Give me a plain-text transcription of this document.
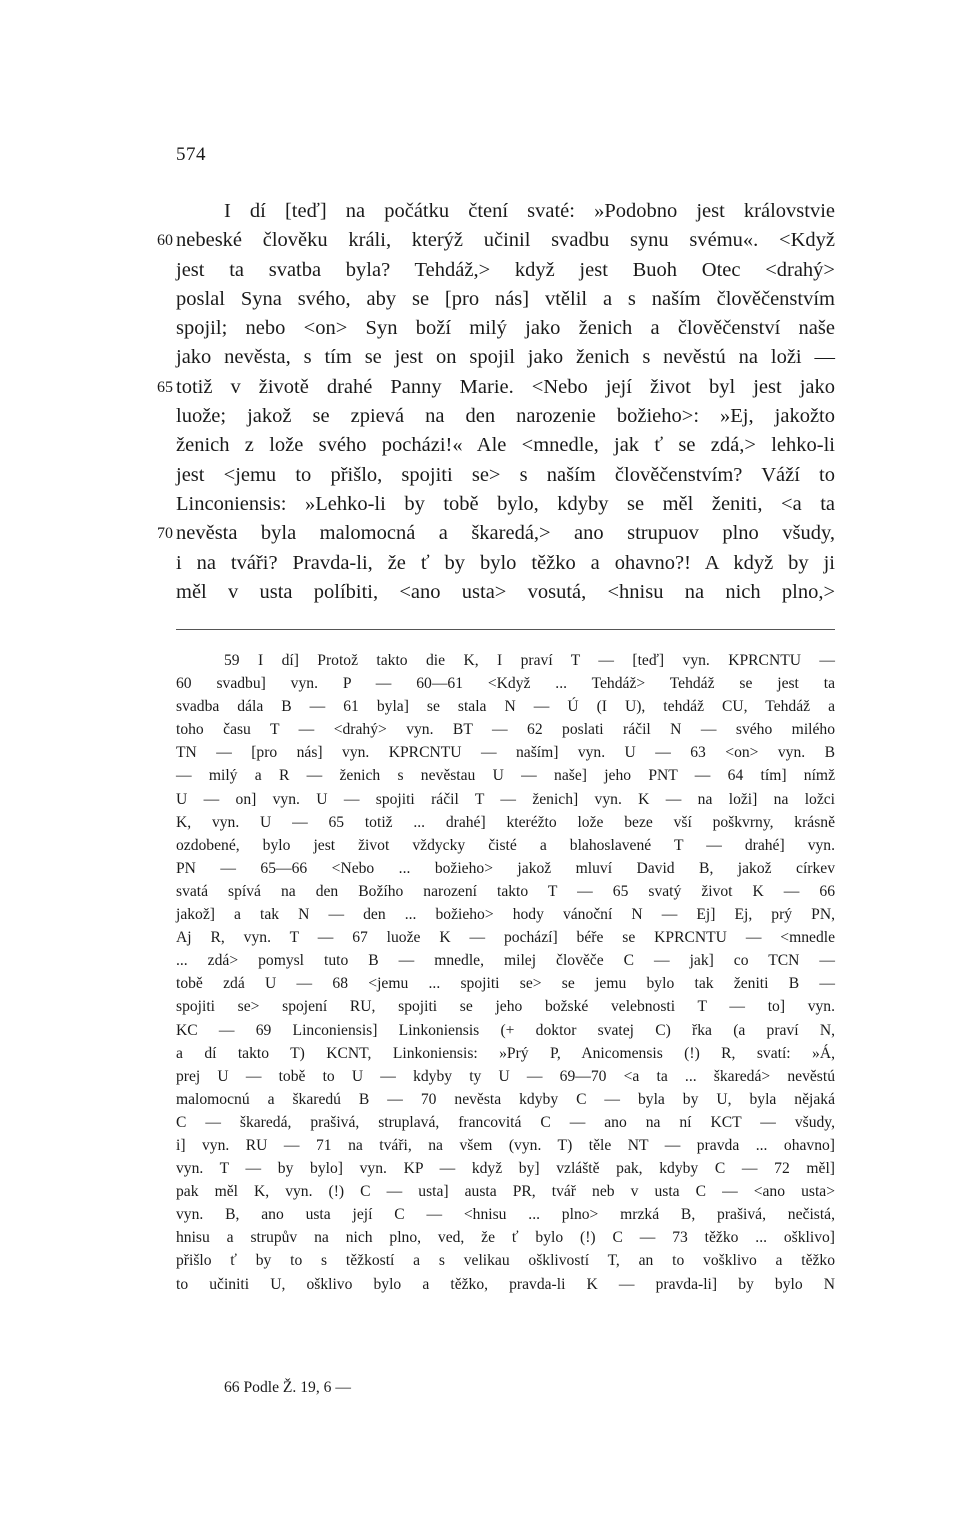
574
I dí [teď] na počátku čtení svaté: »Podobno jest královstvie
60 nebeské člověku králi, kterýž učinil svadbu synu svému«. <Když
jest ta svatba byla? Tehdáž,> když jest Buoh Otec <drahý>
poslal Syna svého, aby se [pro nás] vtělil a s naším člověčenstvím
spojil; nebo <on> Syn boží milý jako ženich a člověčenství naše
jako nevěsta, s tím se jest on spojil jako ženich s nevěstú na loži —
65 totiž v životě drahé Panny Marie. <Nebo její život byl jest jako
luože; jakož se zpievá na den narozenie božieho>: »Ej, jakožto
ženich z lože svého pocházi!« Ale <mnedle, jak ť se zdá,> lehko-li
jest <jemu to přišlo, spojiti se> s naším člověčenstvím? Váží to
Linconiensis: »Lehko-li by tobě bylo, kdyby se měl ženiti, <a ta
70 nevěsta byla malomocná a škaredá,> ano strupuov plno všudy,
i na tváři? Pravda-li, že ť by bylo těžko a ohavno?! A když by ji
měl v usta políbiti, <ano usta> vosutá, <hnisu na nich plno,>
59 I dí] Protož takto die K, I praví T — [teď] vyn. KPRCNTU —
60 svadbu] vyn. P — 60—61 <Když ... Tehdáž> Tehdáž se jest ta
svadba dála B — 61 byla] se stala N — Ú (I U), tehdáž CU, Tehdáž a
toho času T — <drahý> vyn. BT — 62 poslati ráčil N — svého milého
TN — [pro nás] vyn. KPRCNTU — naším] vyn. U — 63 <on> vyn. B
— milý a R — ženich s nevěstau U — naše] jeho PNT — 64 tím] nímž
U — on] vyn. U — spojiti ráčil T — ženich] vyn. K — na loži] na ložci
K, vyn. U — 65 totiž ... drahé] kteréžto lože beze vší poškvrny, krásně
ozdobené, bylo jest život vždycky čisté a blahoslavené T — drahé] vyn.
PN — 65—66 <Nebo ... božieho> jakož mluví David B, jakož církev
svatá spívá na den Božího narození takto T — 65 svatý život K — 66
jakož] a tak N — den ... božieho> hody vánoční N — Ej] Ej, prý PN,
Aj R, vyn. T — 67 luože K — pochází] béře se KPRCNTU — <mnedle
... zdá> pomysl tuto B — mnedle, milej člověče C — jak] co TCN —
tobě zdá U — 68 <jemu ... spojiti se> se jemu bylo tak ženiti B —
spojiti se> spojení RU, spojiti se jeho božské velebnosti T — to] vyn.
KC — 69 Linconiensis] Linkoniensis (+ doktor svatej C) řka (a praví N,
a dí takto T) KCNT, Linkoniensis: »Prý P, Anicomensis (!) R, svatí: »Á,
prej U — tobě to U — kdyby ty U — 69—70 <a ta ... škaredá> nevěstú
malomocnú a škaredú B — 70 nevěsta kdyby C — byla by U, byla nějaká
C — škaredá, prašivá, struplavá, francovitá C — ano na ní KCT — všudy,
i] vyn. RU — 71 na tváři, na všem (vyn. T) těle NT — pravda ... ohavno]
vyn. T — by bylo] vyn. KP — když by] vzláště pak, kdyby C — 72 měl]
pak měl K, vyn. (!) C — usta] austa PR, tvář neb v usta C — <ano usta>
vyn. B, ano usta její C — <hnisu ... plno> mrzká B, prašivá, nečistá,
hnisu a strupův na nich plno, ved, že ť bylo (!) C — 73 těžko ... ošklivo]
přišlo ť by to s těžkostí a s velikau ošklivostí T, an to vošklivo a těžko
to učiniti U, ošklivo bylo a těžko, pravda-li K — pravda-li] by bylo N
66 Podle Ž. 19, 6 —
